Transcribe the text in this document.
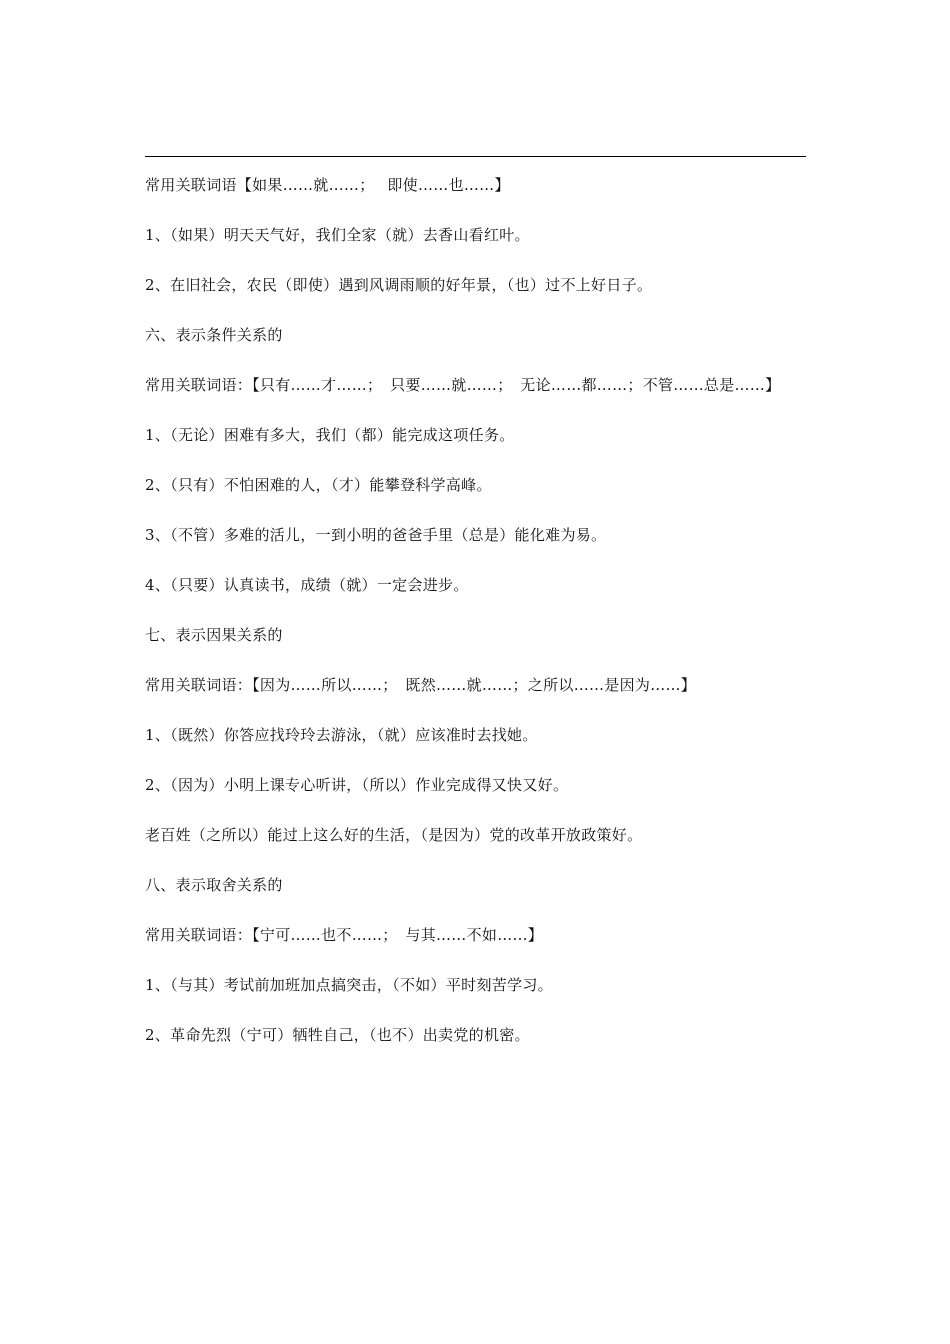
常用关联词语【如果……就……；　 即使……也……】

1、（如果）明天天气好，我们全家（就）去香山看红叶。

2、在旧社会，农民（即使）遇到风调雨顺的好年景，（也）过不上好日子。

六、表示条件关系的

常用关联词语：【只有……才……；　只要……就……；　无论……都……；不管……总是……】

1、（无论）困难有多大，我们（都）能完成这项任务。

2、（只有）不怕困难的人，（才）能攀登科学高峰。

3、（不管）多难的活儿，一到小明的爸爸手里（总是）能化难为易。

4、（只要）认真读书，成绩（就）一定会进步。

七、表示因果关系的

常用关联词语：【因为……所以……；　既然……就……；之所以……是因为……】

1、（既然）你答应找玲玲去游泳，（就）应该准时去找她。

2、（因为）小明上课专心听讲，（所以）作业完成得又快又好。

老百姓（之所以）能过上这么好的生活，（是因为）党的改革开放政策好。

八、表示取舍关系的

常用关联词语：【宁可……也不……；　与其……不如……】

1、（与其）考试前加班加点搞突击，（不如）平时刻苦学习。

2、革命先烈（宁可）牺牲自己，（也不）出卖党的机密。
